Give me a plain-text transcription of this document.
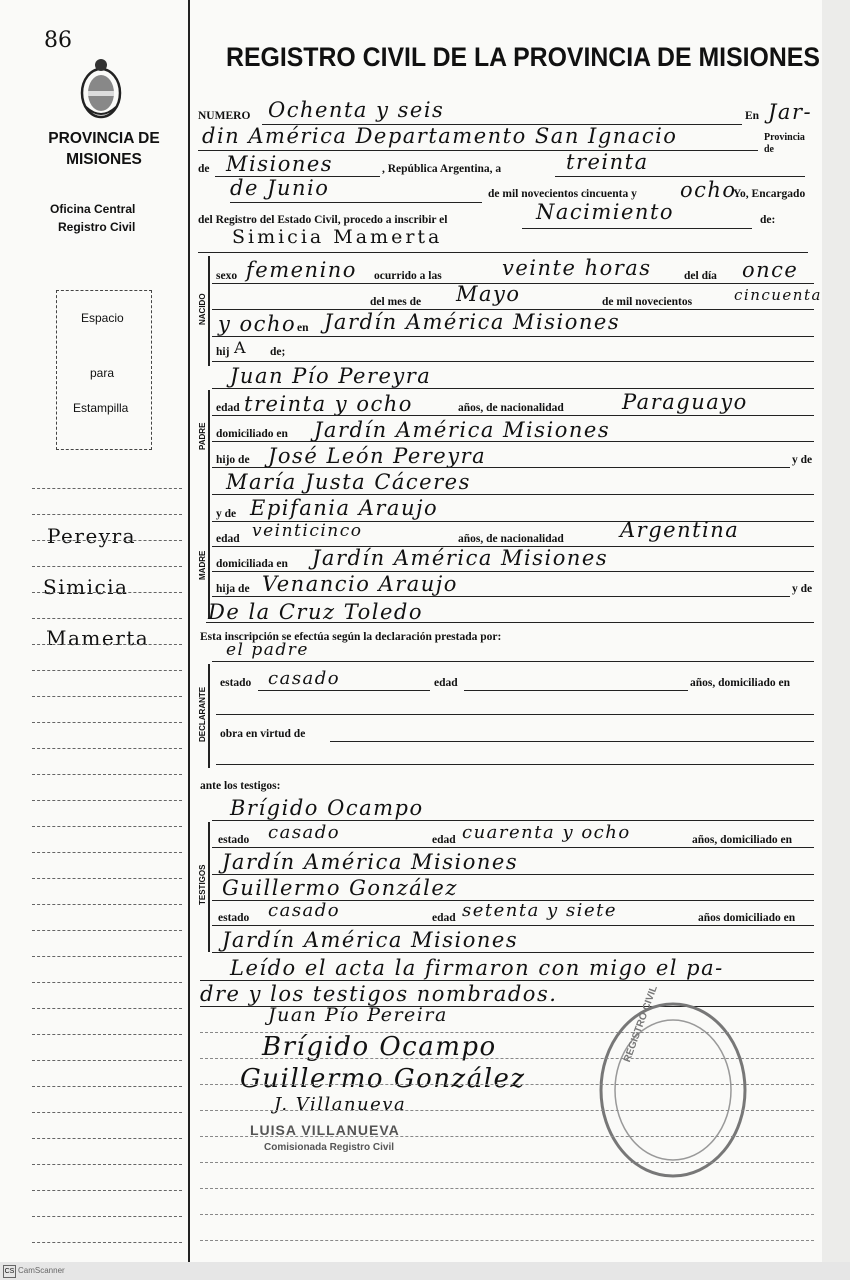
86
PROVINCIA DE MISIONES
Oficina Central
Registro Civil
Espacio
para
Estampilla
Pereyra
Simicia
Mamerta
REGISTRO CIVIL DE LA PROVINCIA DE MISIONES
NUMERO Ochenta y seis	En Jar-
din América Departamento San Ignacio	Provincia de
de Misiones	, República Argentina, a	treinta
de Junio	de mil novecientos cincuenta y ocho
Yo, Encargado
del Registro del Estado Civil, procedo a inscribir el	Nacimiento	de:
Simicia Mamerta
NACIDO
sexo femenino ocurrido a las	veinte horas	del día once
del mes de Mayo	de mil novecientos	cincuenta
y ocho en Jardín América Misiones
hij A de;
Juan Pío Pereyra
PADRE
edad treinta y ocho	años, de nacionalidad	Paraguayo
domiciliado en Jardín América Misiones
hijo de José León Pereyra	y de
María Justa Cáceres
MADRE
y de Epifania Araujo
edad veinticinco	años, de nacionalidad	Argentina
domiciliada en Jardín América Misiones
hija de Venancio Araujo	y de
De la Cruz Toledo
Esta inscripción se efectúa según la declaración prestada por:
el padre
DECLARANTE
estado casado	edad	años, domiciliado en
obra en virtud de
ante los testigos:
Brígido Ocampo
TESTIGOS
estado casado	edad cuarenta y ocho	años, domiciliado en
Jardín América Misiones
Guillermo González
estado casado	edad setenta y siete	años domiciliado en
Jardín América Misiones
Leído el acta la firmaron con migo el pa-
dre y los testigos nombrados.
Juan Pío Pereira
Brígido Ocampo
Guillermo González
J. Villanueva
LUISA VILLANUEVA
Comisionada Registro Civil
REGISTRO CIVIL
CS CamScanner
